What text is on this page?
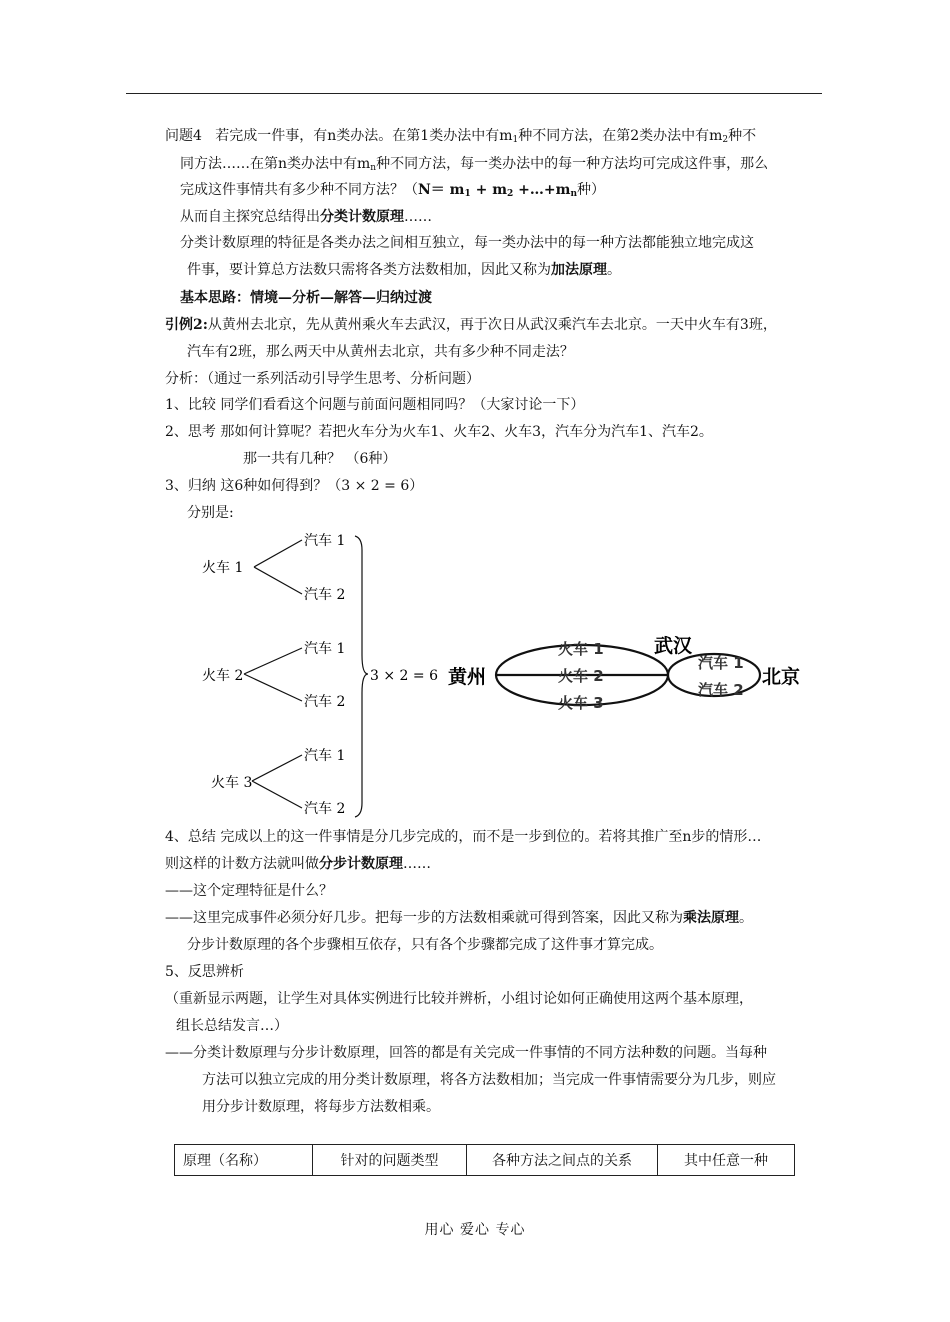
问题4 若完成一件事，有n类办法。在第1类办法中有$m_1$种不同方法，在第2类办法中有$m_2$种不
同方法……在第n类办法中有$m_n$种不同方法，每一类办法中的每一种方法均可完成这件事，那么
完成这件事情共有多少种不同方法？（$N= m_1 + m_2$ $+\dots+m_n$种）
从而自主探究总结得出分类计数原理……
分类计数原理的特征是各类办法之间相互独立，每一类办法中的每一种方法都能独立地完成这
件事，要计算总方法数只需将各类方法数相加，因此又称为加法原理。
基本思路：情境—分析—解答—归纳过渡
引例2:从黄州去北京，先从黄州乘火车去武汉，再于次日从武汉乘汽车去北京。一天中火车有3班，
汽车有2班，那么两天中从黄州去北京，共有多少种不同走法？
分析：（通过一系列活动引导学生思考、分析问题）
1、比较 同学们看看这个问题与前面问题相同吗？（大家讨论一下）
2、思考 那如何计算呢？若把火车分为火车1、火车2、火车3，汽车分为汽车1、汽车2。
那一共有几种？ （6种）
3、归纳 这6种如何得到？（3 × 2 = 6）
分别是:
火车 1
火车 2
火车 3
汽车 1
汽车 2
汽车 1
汽车 2
汽车 1
汽车 2
3 × 2 = 6 黄州
武汉
北京
火车 1
火车 2
火车 3
汽车 1
汽车 2
4、总结 完成以上的这一件事情是分几步完成的，而不是一步到位的。若将其推广至n步的情形…
则这样的计数方法就叫做分步计数原理……
——这个定理特征是什么？
——这里完成事件必须分好几步。把每一步的方法数相乘就可得到答案，因此又称为乘法原理。
分步计数原理的各个步骤相互依存，只有各个步骤都完成了这件事才算完成。
5、反思辨析
（重新显示两题，让学生对具体实例进行比较并辨析，小组讨论如何正确使用这两个基本原理，
组长总结发言…）
——分类计数原理与分步计数原理，回答的都是有关完成一件事情的不同方法种数的问题。当每种
方法可以独立完成的用分类计数原理，将各方法数相加；当完成一件事情需要分为几步，则应
用分步计数原理，将每步方法数相乘。
原理（名称）	针对的问题类型	各种方法之间点的关系	其中任意一种
用心 爱心 专心
